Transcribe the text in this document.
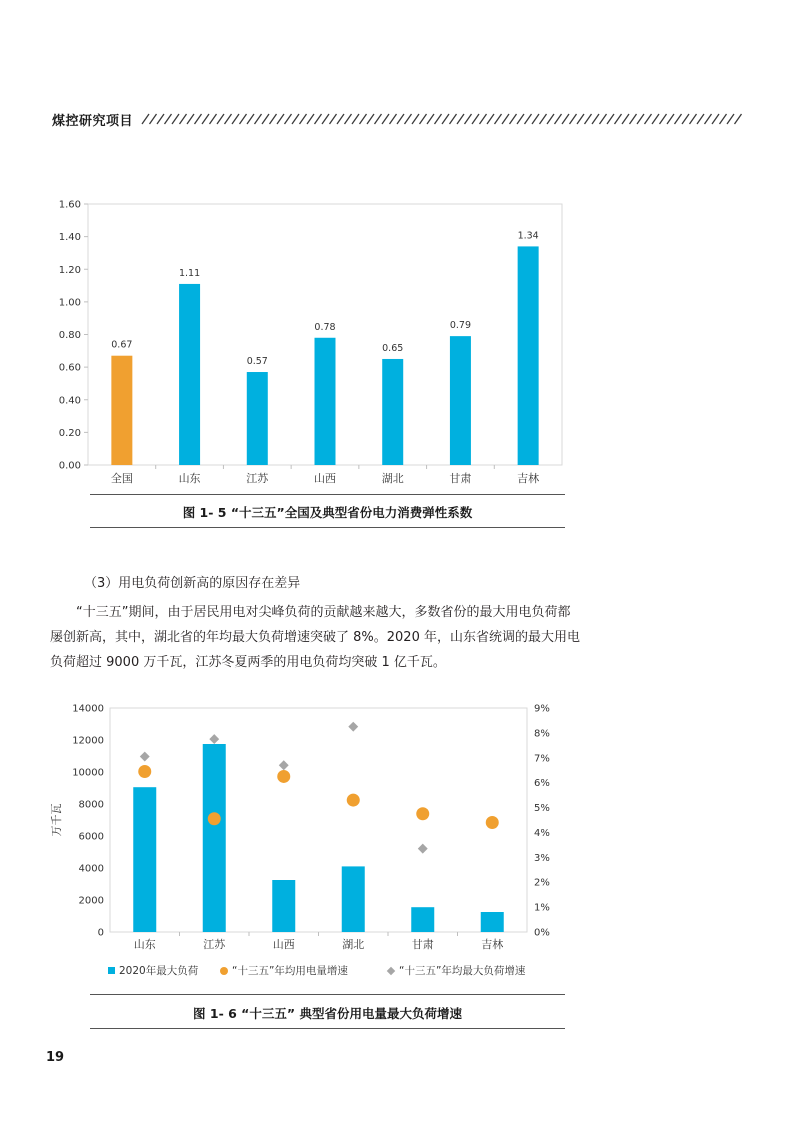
煤控研究项目
0.00
0.20
0.40
0.60
0.80
1.00
1.20
1.40
1.60
0.67
全国
1.11
山东
0.57
江苏
0.78
山西
0.65
湖北
0.79
甘肃
1.34
吉林
图 1- 5 “十三五”全国及典型省份电力消费弹性系数
（3）用电负荷创新高的原因存在差异

“十三五”期间，由于居民用电对尖峰负荷的贡献越来越大，多数省份的最大用电负荷都屡创新高，其中，湖北省的年均最大负荷增速突破了 8%。2020 年，山东省统调的最大用电负荷超过 9000 万千瓦，江苏冬夏两季的用电负荷均突破 1 亿千瓦。

0
2000
4000
6000
8000
10000
12000
14000
0%
1%
2%
3%
4%
5%
6%
7%
8%
9%
万千瓦
山东	江苏	山西	湖北	甘肃	吉林
2020年最大负荷	“十三五”年均用电量增速	“十三五”年均最大负荷增速
图 1- 6 “十三五” 典型省份用电量最大负荷增速
19
